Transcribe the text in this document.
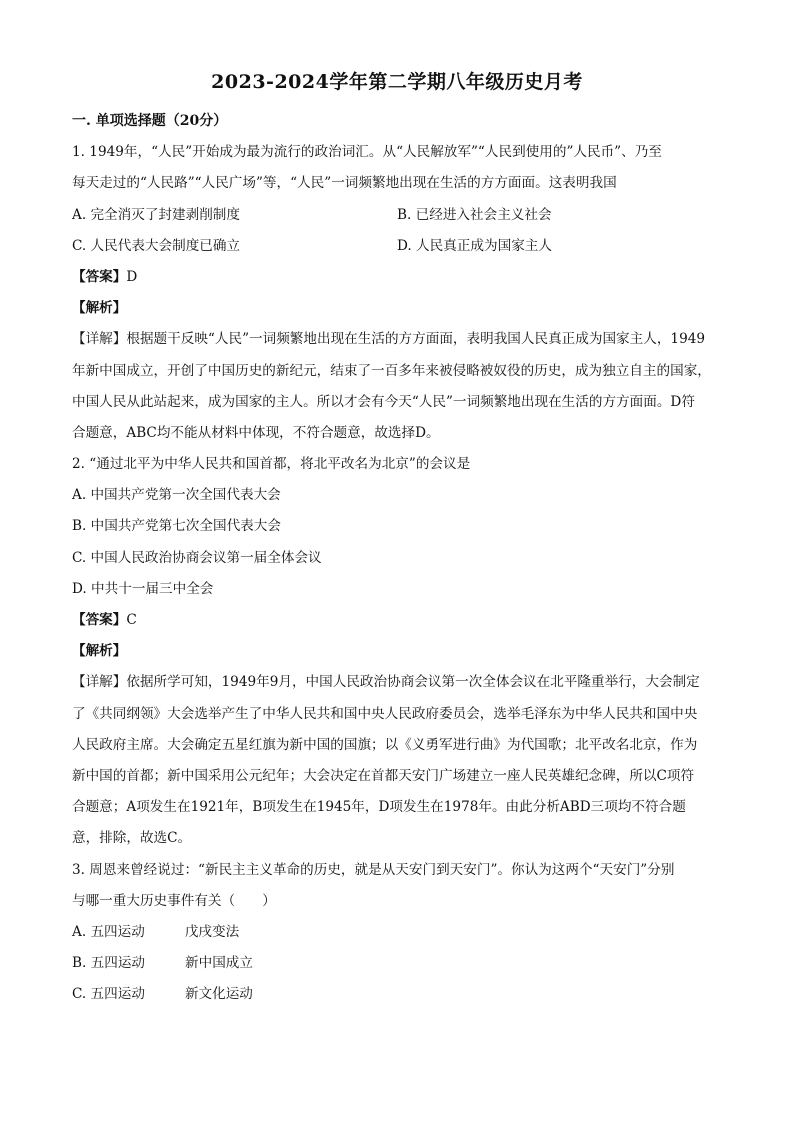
2023-2024学年第二学期八年级历史月考
一. 单项选择题（20分）
1. 1949年，“人民”开始成为最为流行的政治词汇。从“人民解放军”“人民到使用的”人民币”、乃至
每天走过的“人民路”“人民广场”等，“人民”一词频繁地出现在生活的方方面面。这表明我国
A. 完全消灭了封建剥削制度	B. 已经进入社会主义社会
C. 人民代表大会制度已确立	D. 人民真正成为国家主人
【答案】D
【解析】
【详解】根据题干反映“人民”一词频繁地出现在生活的方方面面，表明我国人民真正成为国家主人，1949
年新中国成立，开创了中国历史的新纪元，结束了一百多年来被侵略被奴役的历史，成为独立自主的国家，
中国人民从此站起来，成为国家的主人。所以才会有今天“人民”一词频繁地出现在生活的方方面面。D符
合题意，ABC均不能从材料中体现，不符合题意，故选择D。
2. “通过北平为中华人民共和国首都，将北平改名为北京”的会议是
A. 中国共产党第一次全国代表大会
B. 中国共产党第七次全国代表大会
C. 中国人民政治协商会议第一届全体会议
D. 中共十一届三中全会
【答案】C
【解析】
【详解】依据所学可知，1949年9月，中国人民政治协商会议第一次全体会议在北平隆重举行，大会制定
了《共同纲领》大会选举产生了中华人民共和国中央人民政府委员会，选举毛泽东为中华人民共和国中央
人民政府主席。大会确定五星红旗为新中国的国旗；以《义勇军进行曲》为代国歌；北平改名北京，作为
新中国的首都；新中国采用公元纪年；大会决定在首都天安门广场建立一座人民英雄纪念碑，所以C项符
合题意；A项发生在1921年，B项发生在1945年，D项发生在1978年。由此分析ABD三项均不符合题
意，排除，故选C。
3. 周恩来曾经说过：“新民主主义革命的历史，就是从天安门到天安门”。你认为这两个“天安门”分别
与哪一重大历史事件有关（　　）
A. 五四运动	戊戌变法
B. 五四运动	新中国成立
C. 五四运动	新文化运动
